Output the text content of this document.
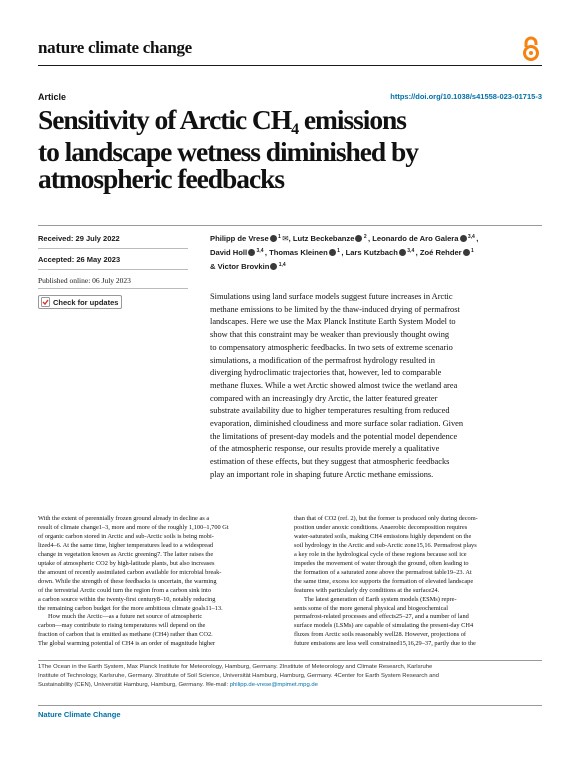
nature climate change
Article	https://doi.org/10.1038/s41558-023-01715-3
Sensitivity of Arctic $CH_4$ emissions
to landscape wetness diminished by
atmospheric feedbacks
Received: 29 July 2022
Accepted: 26 May 2023
Published online: 06 July 2023
Check for updates
Philipp de Vrese $^1$ ✉, Lutz Beckebanze $^2$ , Leonardo de Aro Galera $^{3,4}$ ,
David Holl $^{3,4}$ , Thomas Kleinen $^1$ , Lars Kutzbach $^{3,4}$ , Zoé Rehder $^1$
& Victor Brovkin $^{1,4}$
Simulations using land surface models suggest future increases in Arctic
methane emissions to be limited by the thaw-induced drying of permafrost
landscapes. Here we use the Max Planck Institute Earth System Model to
show that this constraint may be weaker than previously thought owing
to compensatory atmospheric feedbacks. In two sets of extreme scenario
simulations, a modification of the permafrost hydrology resulted in
diverging hydroclimatic trajectories that, however, led to comparable
methane fluxes. While a wet Arctic showed almost twice the wetland area
compared with an increasingly dry Arctic, the latter featured greater
substrate availability due to higher temperatures resulting from reduced
evaporation, diminished cloudiness and more surface solar radiation. Given
the limitations of present-day models and the potential model dependence
of the atmospheric response, our results provide merely a qualitative
estimation of these effects, but they suggest that atmospheric feedbacks
play an important role in shaping future Arctic methane emissions.
With the extent of perennially frozen ground already in decline as a
result of climate change1–3, more and more of the roughly 1,100–1,700 Gt
of organic carbon stored in Arctic and sub-Arctic soils is being mobi-
lized4–6. At the same time, higher temperatures lead to a widespread
change in vegetation known as Arctic greening7. The latter raises the
uptake of atmospheric CO2 by high-latitude plants, but also increases
the amount of recently assimilated carbon available for microbial break-
down. While the strength of these feedbacks is uncertain, the warming
of the terrestrial Arctic could turn the region from a carbon sink into
a carbon source within the twenty-first century8–10, notably reducing
the remaining carbon budget for the more ambitious climate goals11–13.
How much the Arctic—as a future net source of atmospheric
carbon—may contribute to rising temperatures will depend on the
fraction of carbon that is emitted as methane (CH4) rather than CO2.
The global warming potential of CH4 is an order of magnitude higher
than that of CO2 (ref. 2), but the former is produced only during decom-
position under anoxic conditions. Anaerobic decomposition requires
water-saturated soils, making CH4 emissions highly dependent on the
soil hydrology in the Arctic and sub-Arctic zone15,16. Permafrost plays
a key role in the hydrological cycle of these regions because soil ice
impedes the movement of water through the ground, often leading to
the formation of a saturated zone above the permafrost table19–23. At
the same time, excess ice supports the formation of elevated landscape
features with particularly dry conditions at the surface24.
The latest generation of Earth system models (ESMs) repre-
sents some of the more general physical and biogeochemical
permafrost-related processes and effects25–27, and a number of land
surface models (LSMs) are capable of simulating the present-day CH4
fluxes from Arctic soils reasonably well28. However, projections of
future emissions are less well constrained15,16,29–37, partly due to the
1The Ocean in the Earth System, Max Planck Institute for Meteorology, Hamburg, Germany. 2Institute of Meteorology and Climate Research, Karlsruhe
Institute of Technology, Karlsruhe, Germany. 3Institute of Soil Science, Universität Hamburg, Hamburg, Germany. 4Center for Earth System Research and
Sustainability (CEN), Universität Hamburg, Hamburg, Germany. ✉e-mail: philipp.de-vrese@mpimet.mpg.de
Nature Climate Change
